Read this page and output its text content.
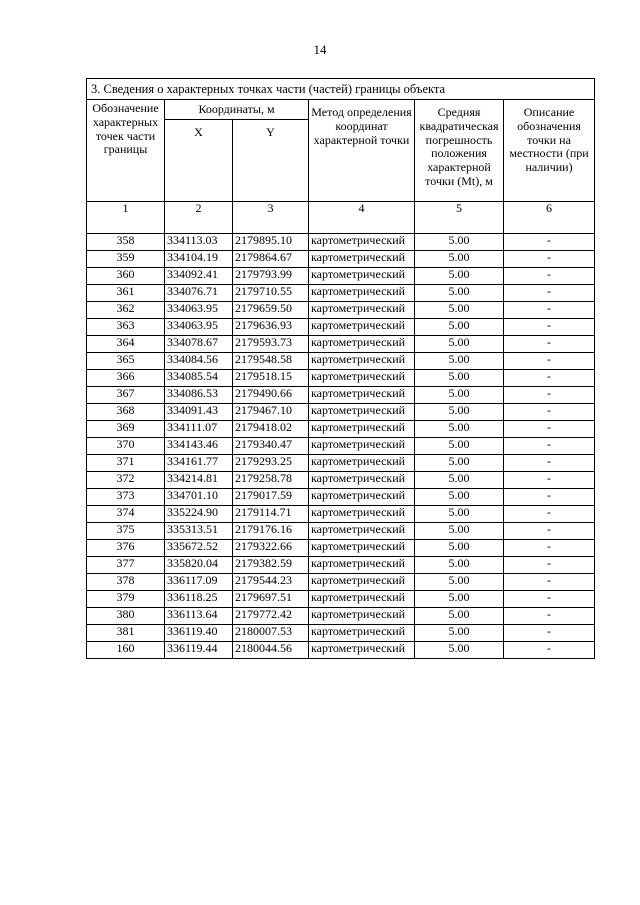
14
3. Сведения о характерных точках части (частей) границы объекта					
Обозначение характерных точек части границы	Координаты, м		Метод определения координат характерной точки	Средняя квадратическая погрешность положения характерной точки (Mt), м	Описание обозначения точки на местности (при наличии)
	X	Y			
1	2	3	4	5	6
358	334113.03	2179895.10	картометрический	5.00	-
359	334104.19	2179864.67	картометрический	5.00	-
360	334092.41	2179793.99	картометрический	5.00	-
361	334076.71	2179710.55	картометрический	5.00	-
362	334063.95	2179659.50	картометрический	5.00	-
363	334063.95	2179636.93	картометрический	5.00	-
364	334078.67	2179593.73	картометрический	5.00	-
365	334084.56	2179548.58	картометрический	5.00	-
366	334085.54	2179518.15	картометрический	5.00	-
367	334086.53	2179490.66	картометрический	5.00	-
368	334091.43	2179467.10	картометрический	5.00	-
369	334111.07	2179418.02	картометрический	5.00	-
370	334143.46	2179340.47	картометрический	5.00	-
371	334161.77	2179293.25	картометрический	5.00	-
372	334214.81	2179258.78	картометрический	5.00	-
373	334701.10	2179017.59	картометрический	5.00	-
374	335224.90	2179114.71	картометрический	5.00	-
375	335313.51	2179176.16	картометрический	5.00	-
376	335672.52	2179322.66	картометрический	5.00	-
377	335820.04	2179382.59	картометрический	5.00	-
378	336117.09	2179544.23	картометрический	5.00	-
379	336118.25	2179697.51	картометрический	5.00	-
380	336113.64	2179772.42	картометрический	5.00	-
381	336119.40	2180007.53	картометрический	5.00	-
160	336119.44	2180044.56	картометрический	5.00	-
